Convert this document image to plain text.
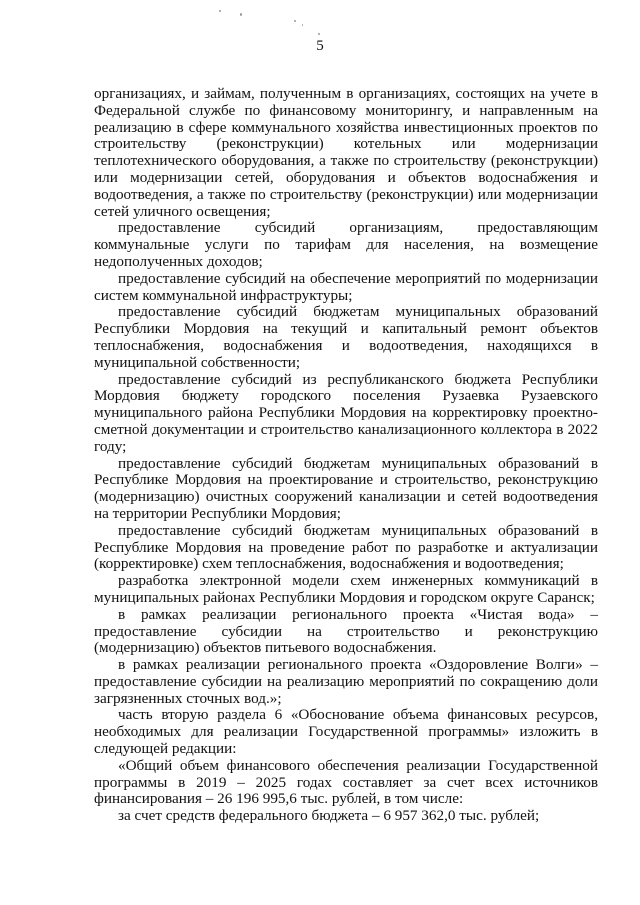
5

организациях, и займам, полученным в организациях, состоящих на учете в Федеральной службе по финансовому мониторингу, и направленным на реализацию в сфере коммунального хозяйства инвестиционных проектов по строительству (реконструкции) котельных или модернизации теплотехнического оборудования, а также по строительству (реконструкции) или модернизации сетей, оборудования и объектов водоснабжения и водоотведения, а также по строительству (реконструкции) или модернизации сетей уличного освещения;

предоставление субсидий организациям, предоставляющим коммунальные услуги по тарифам для населения, на возмещение недополученных доходов;

предоставление субсидий на обеспечение мероприятий по модернизации систем коммунальной инфраструктуры;

предоставление субсидий бюджетам муниципальных образований Республики Мордовия на текущий и капитальный ремонт объектов теплоснабжения, водоснабжения и водоотведения, находящихся в муниципальной собственности;

предоставление субсидий из республиканского бюджета Республики Мордовия бюджету городского поселения Рузаевка Рузаевского муниципального района Республики Мордовия на корректировку проектно-сметной документации и строительство канализационного коллектора в 2022 году;

предоставление субсидий бюджетам муниципальных образований в Республике Мордовия на проектирование и строительство, реконструкцию (модернизацию) очистных сооружений канализации и сетей водоотведения на территории Республики Мордовия;

предоставление субсидий бюджетам муниципальных образований в Республике Мордовия на проведение работ по разработке и актуализации (корректировке) схем теплоснабжения, водоснабжения и водоотведения;

разработка электронной модели схем инженерных коммуникаций в муниципальных районах Республики Мордовия и городском округе Саранск;

в рамках реализации регионального проекта «Чистая вода» – предоставление субсидии на строительство и реконструкцию (модернизацию) объектов питьевого водоснабжения.

в рамках реализации регионального проекта «Оздоровление Волги» – предоставление субсидии на реализацию мероприятий по сокращению доли загрязненных сточных вод.»;

часть вторую раздела 6 «Обоснование объема финансовых ресурсов, необходимых для реализации Государственной программы» изложить в следующей редакции:

«Общий объем финансового обеспечения реализации Государственной программы в 2019 – 2025 годах составляет за счет всех источников финансирования – 26 196 995,6 тыс. рублей, в том числе:

за счет средств федерального бюджета – 6 957 362,0 тыс. рублей;
